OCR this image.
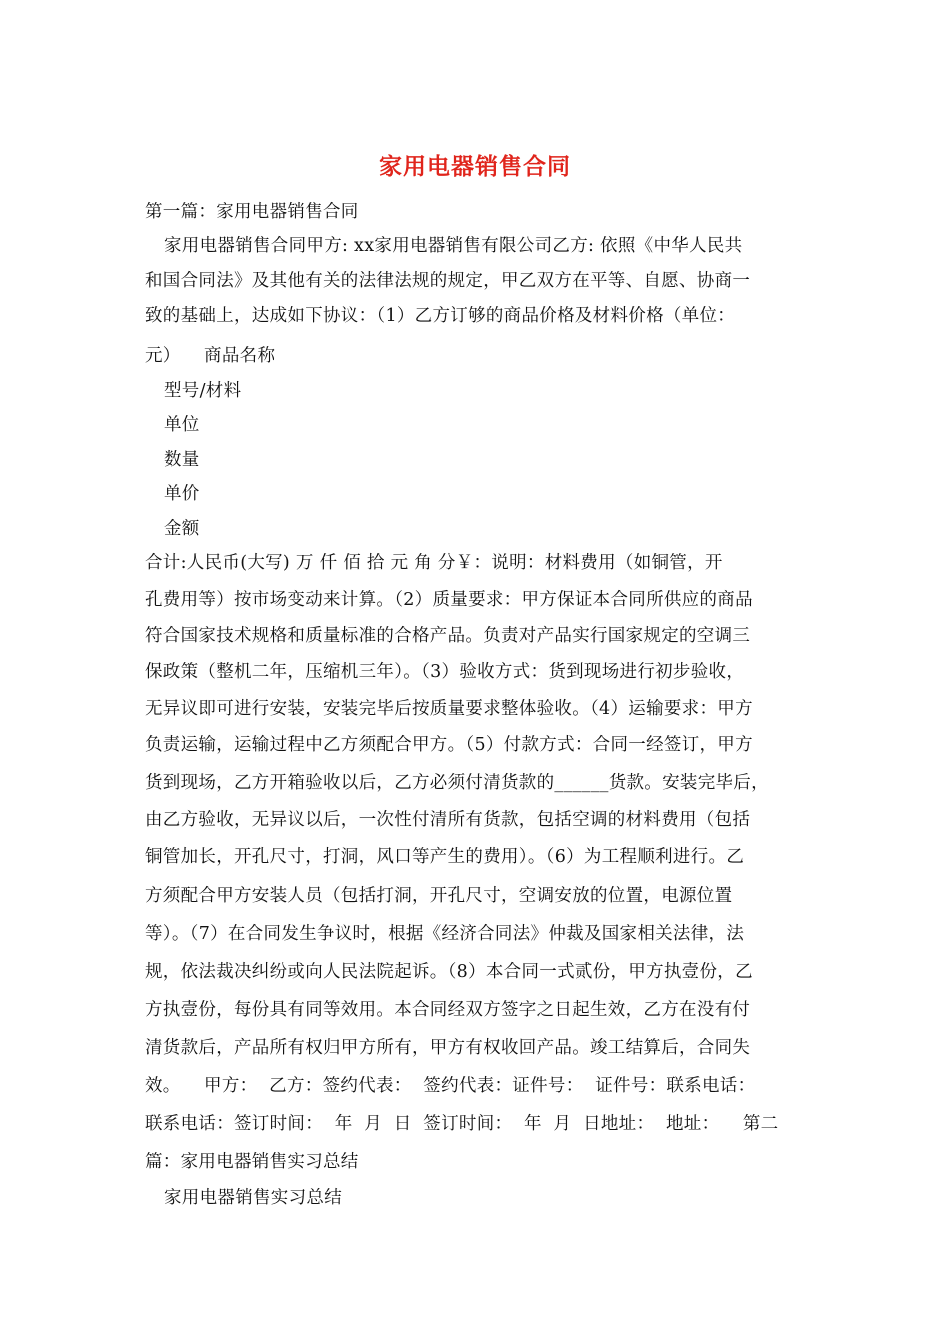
家用电器销售合同
第一篇：家用电器销售合同
家用电器销售合同甲方: xx家用电器销售有限公司乙方: 依照《中华人民共
和国合同法》及其他有关的法律法规的规定，甲乙双方在平等、自愿、协商一
致的基础上，达成如下协议：（1）乙方订够的商品价格及材料价格（单位：
元）    商品名称
型号/材料
单位
数量
单价
金额
合计:人民币(大写) 万 仟 佰 拾 元 角 分￥：说明：材料费用（如铜管，开
孔费用等）按市场变动来计算。（2）质量要求：甲方保证本合同所供应的商品
符合国家技术规格和质量标准的合格产品。负责对产品实行国家规定的空调三
保政策（整机二年，压缩机三年）。（3）验收方式：货到现场进行初步验收，
无异议即可进行安装，安装完毕后按质量要求整体验收。（4）运输要求：甲方
负责运输，运输过程中乙方须配合甲方。（5）付款方式：合同一经签订，甲方
货到现场，乙方开箱验收以后，乙方必须付清货款的______货款。安装完毕后，
由乙方验收，无异议以后，一次性付清所有货款，包括空调的材料费用（包括
铜管加长，开孔尺寸，打洞，风口等产生的费用）。（6）为工程顺利进行。乙
方须配合甲方安装人员（包括打洞，开孔尺寸，空调安放的位置，电源位置
等）。（7）在合同发生争议时，根据《经济合同法》仲裁及国家相关法律，法
规，依法裁决纠纷或向人民法院起诉。（8）本合同一式贰份，甲方执壹份，乙
方执壹份，每份具有同等效用。本合同经双方签字之日起生效，乙方在没有付
清货款后，产品所有权归甲方所有，甲方有权收回产品。竣工结算后，合同失
效。    甲方：  乙方：签约代表：  签约代表：证件号：  证件号：联系电话：
联系电话：签订时间：  年  月  日  签订时间：  年  月  日地址：  地址：    第二
篇：家用电器销售实习总结
家用电器销售实习总结
